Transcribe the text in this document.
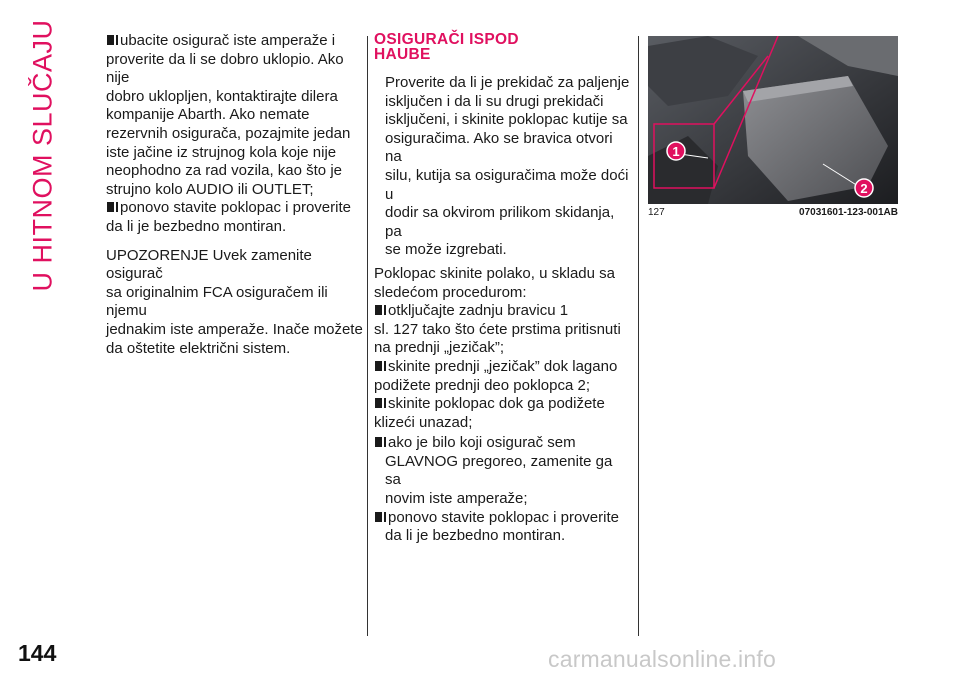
U HITNOM SLUČAJU	ubacite osigurač iste amperaže i
proverite da li se dobro uklopio. Ako nije
dobro ukloplјen, kontaktirajte dilera
kompanije Abarth. Ako nemate
rezervnih osigurača, pozajmite jedan
iste jačine iz strujnog kola koje nije
neophodno za rad vozila, kao što je
strujno kolo AUDIO ili OUTLET;
ponovo stavite poklopac i proverite
da li je bezbedno montiran.
UPOZORENJE Uvek zamenite osigurač
sa originalnim FCA osiguračem ili njemu
jednakim iste amperaže. Inače možete
da oštetite električni sistem.
OSIGURAČI ISPOD
HAUBE
Proverite da li je prekidač za palјenje
isklјučen i da li su drugi prekidači
isklјučeni, i skinite poklopac kutije sa
osiguračima. Ako se bravica otvori na
silu, kutija sa osiguračima može doći u
dodir sa okvirom prilikom skidanja, pa
se može izgrebati.
Poklopac skinite polako, u skladu sa
sledećom procedurom:
otklјučajte zadnju bravicu 1
sl. 127 tako što ćete prstima pritisnuti
na prednji „jezičak”;
skinite prednji „jezičak” dok lagano
podižete prednji deo poklopca 2;
skinite poklopac dok ga podižete
klizeći unazad;
ako je bilo koji osigurač sem
GLAVNOG pregoreo, zamenite ga sa
novim iste amperaže;
ponovo stavite poklopac i proverite
da li je bezbedno montiran.
1
2
127	07031601-123-001AB
144	carmanualsonline.info
